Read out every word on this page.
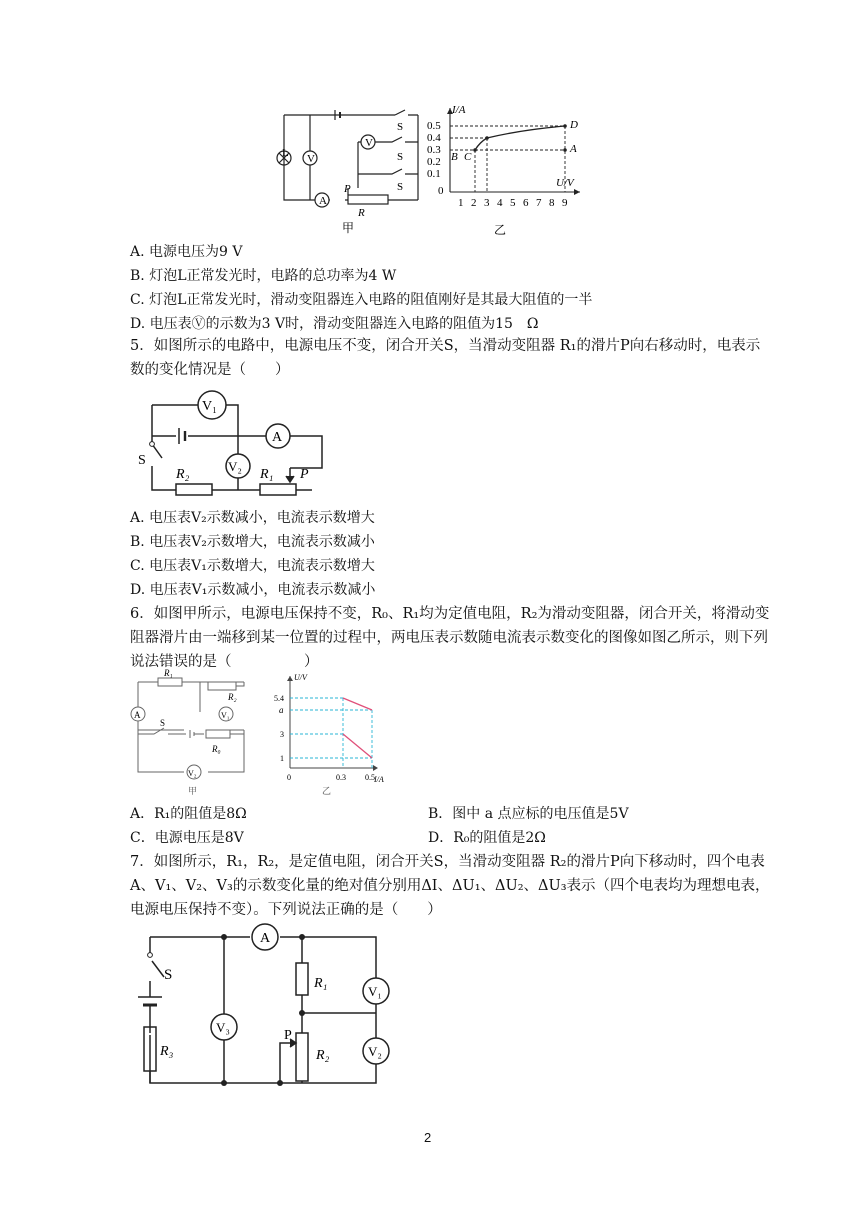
L V
A
V
S
S
S
P
R
甲
I/A
U/V
0.5
0.4
0.3
0.2
0.1
0
1 2 3 4 5 6 7 8 9
D
A
B C
乙
A. 电源电压为9 V
B. 灯泡L正常发光时，电路的总功率为4 W
C. 灯泡L正常发光时，滑动变阻器连入电路的阻值刚好是其最大阻值的一半
D. 电压表Ⓥ的示数为3 V时，滑动变阻器连入电路的阻值为15　Ω
5．如图所示的电路中，电源电压不变，闭合开关S，当滑动变阻器 R₁的滑片P向右移动时，电表示数的变化情况是（　　）
V₁
V₂
A
S
R₂	R₁ P
A. 电压表V₂示数减小，电流表示数增大
B. 电压表V₂示数增大，电流表示数减小
C. 电压表V₁示数增大，电流表示数增大
D. 电压表V₁示数减小，电流表示数减小
6．如图甲所示，电源电压保持不变，R₀、R₁均为定值电阻，R₂为滑动变阻器，闭合开关，将滑动变阻器滑片由一端移到某一位置的过程中，两电压表示数随电流表示数变化的图像如图乙所示，则下列说法错误的是（　　　　　）
A	V₁
V₂
R₁
R₂
S
R₀
甲
U/V
I/A
5.4
a
3
1
0	0.3 0.5
乙
A．R₁的阻值是8Ω	B．图中 a 点应标的电压值是5V
C．电源电压是8V	D．R₀的阻值是2Ω
7．如图所示，R₁，R₂，是定值电阻，闭合开关S，当滑动变阻器 R₂的滑片P向下移动时，四个电表A、V₁、V₂、V₃的示数变化量的绝对值分别用ΔI、ΔU₁、ΔU₂、ΔU₃表示（四个电表均为理想电表，电源电压保持不变）。下列说法正确的是（　　）
A
S
R₁
V₁
V₃
R₃
P
R₂	V₂
2
